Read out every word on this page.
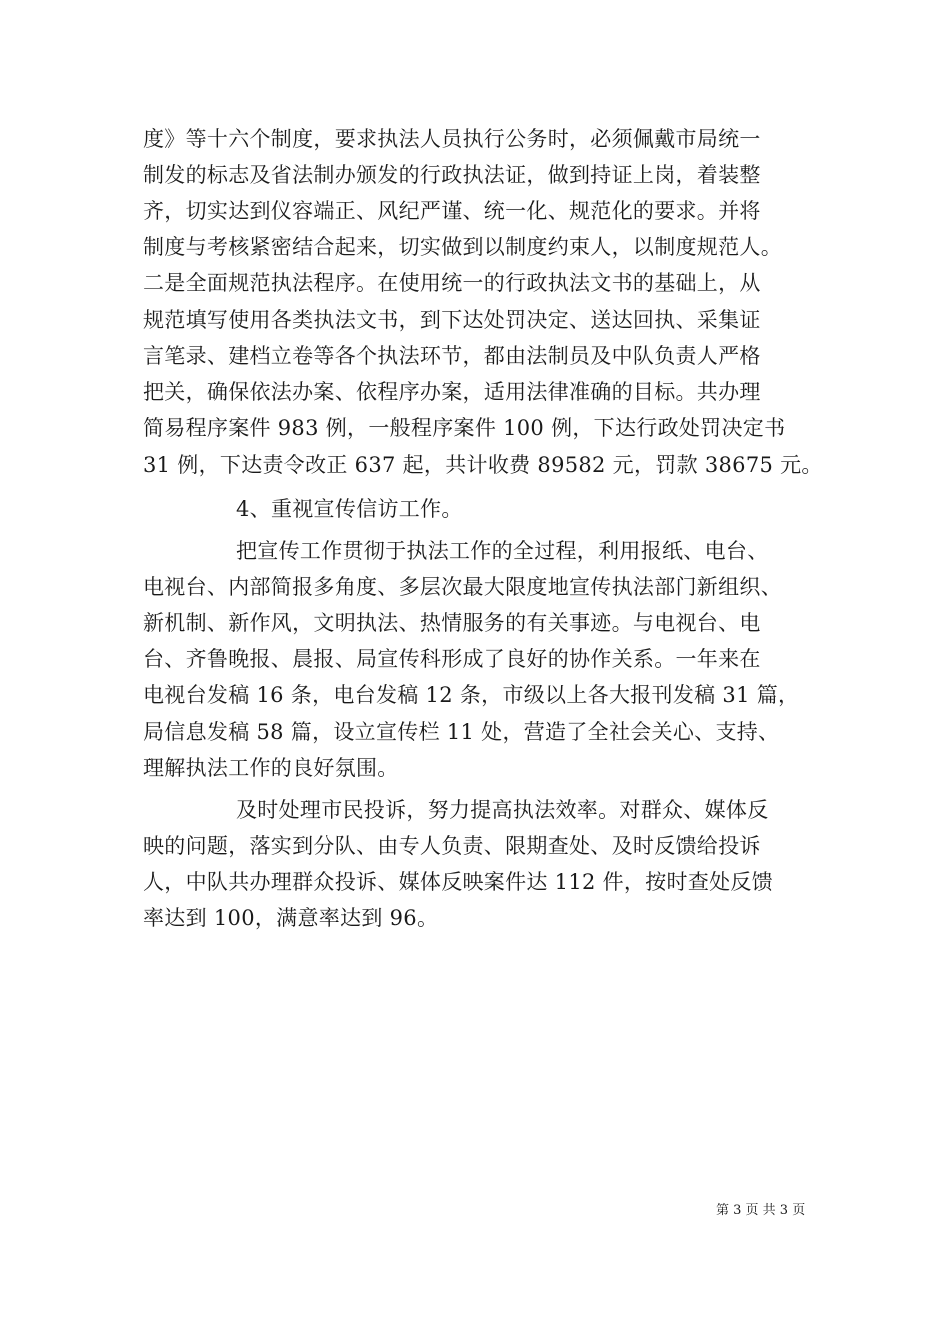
度》等十六个制度，要求执法人员执行公务时，必须佩戴市局统一
制发的标志及省法制办颁发的行政执法证，做到持证上岗，着装整
齐，切实达到仪容端正、风纪严谨、统一化、规范化的要求。并将
制度与考核紧密结合起来，切实做到以制度约束人，以制度规范人。
二是全面规范执法程序。在使用统一的行政执法文书的基础上，从
规范填写使用各类执法文书，到下达处罚决定、送达回执、采集证
言笔录、建档立卷等各个执法环节，都由法制员及中队负责人严格
把关，确保依法办案、依程序办案，适用法律准确的目标。共办理
简易程序案件 983 例，一般程序案件 100 例，下达行政处罚决定书
31 例，下达责令改正 637 起，共计收费 89582 元，罚款 38675 元。
4、重视宣传信访工作。
把宣传工作贯彻于执法工作的全过程，利用报纸、电台、
电视台、内部简报多角度、多层次最大限度地宣传执法部门新组织、
新机制、新作风，文明执法、热情服务的有关事迹。与电视台、电
台、齐鲁晚报、晨报、局宣传科形成了良好的协作关系。一年来在
电视台发稿 16 条，电台发稿 12 条，市级以上各大报刊发稿 31 篇，
局信息发稿 58 篇，设立宣传栏 11 处，营造了全社会关心、支持、
理解执法工作的良好氛围。
及时处理市民投诉，努力提高执法效率。对群众、媒体反
映的问题，落实到分队、由专人负责、限期查处、及时反馈给投诉
人，中队共办理群众投诉、媒体反映案件达 112 件，按时查处反馈
率达到 100，满意率达到 96。
第 3 页 共 3 页
